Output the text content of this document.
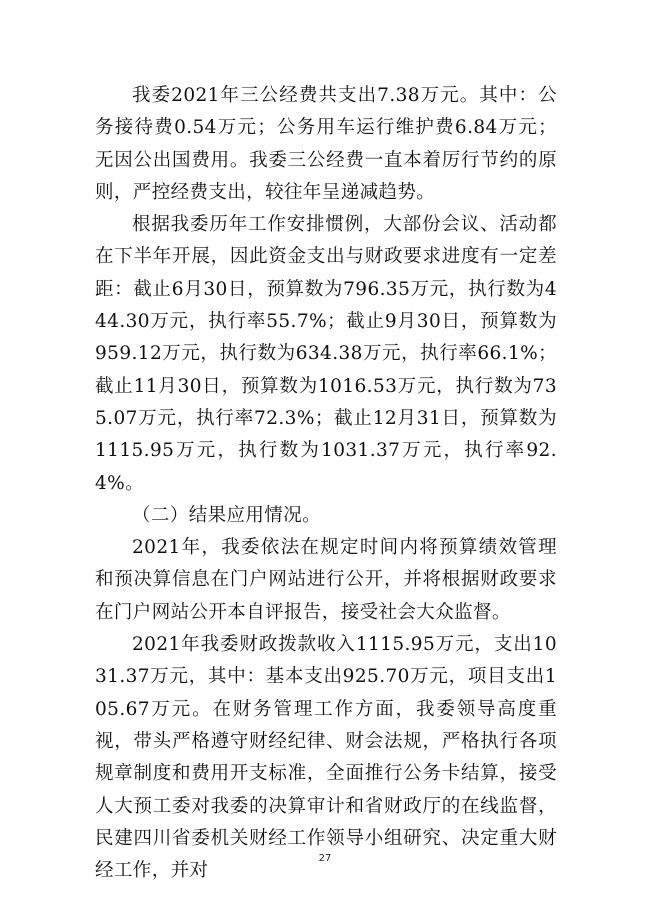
我委2021年三公经费共支出7.38万元。其中：公务接待费0.54万元；公务用车运行维护费6.84万元；无因公出国费用。我委三公经费一直本着厉行节约的原则，严控经费支出，较往年呈递减趋势。

根据我委历年工作安排惯例，大部份会议、活动都在下半年开展，因此资金支出与财政要求进度有一定差距：截止6月30日，预算数为796.35万元，执行数为444.30万元，执行率55.7%；截止9月30日，预算数为959.12万元，执行数为634.38万元，执行率66.1%；截止11月30日，预算数为1016.53万元，执行数为735.07万元，执行率72.3%；截止12月31日，预算数为1115.95万元，执行数为1031.37万元，执行率92.4%。

（二）结果应用情况。

2021年，我委依法在规定时间内将预算绩效管理和预决算信息在门户网站进行公开，并将根据财政要求在门户网站公开本自评报告，接受社会大众监督。

2021年我委财政拨款收入1115.95万元，支出1031.37万元，其中：基本支出925.70万元，项目支出105.67万元。在财务管理工作方面，我委领导高度重视，带头严格遵守财经纪律、财会法规，严格执行各项规章制度和费用开支标准，全面推行公务卡结算，接受人大预工委对我委的决算审计和省财政厅的在线监督，民建四川省委机关财经工作领导小组研究、决定重大财经工作，并对

27
